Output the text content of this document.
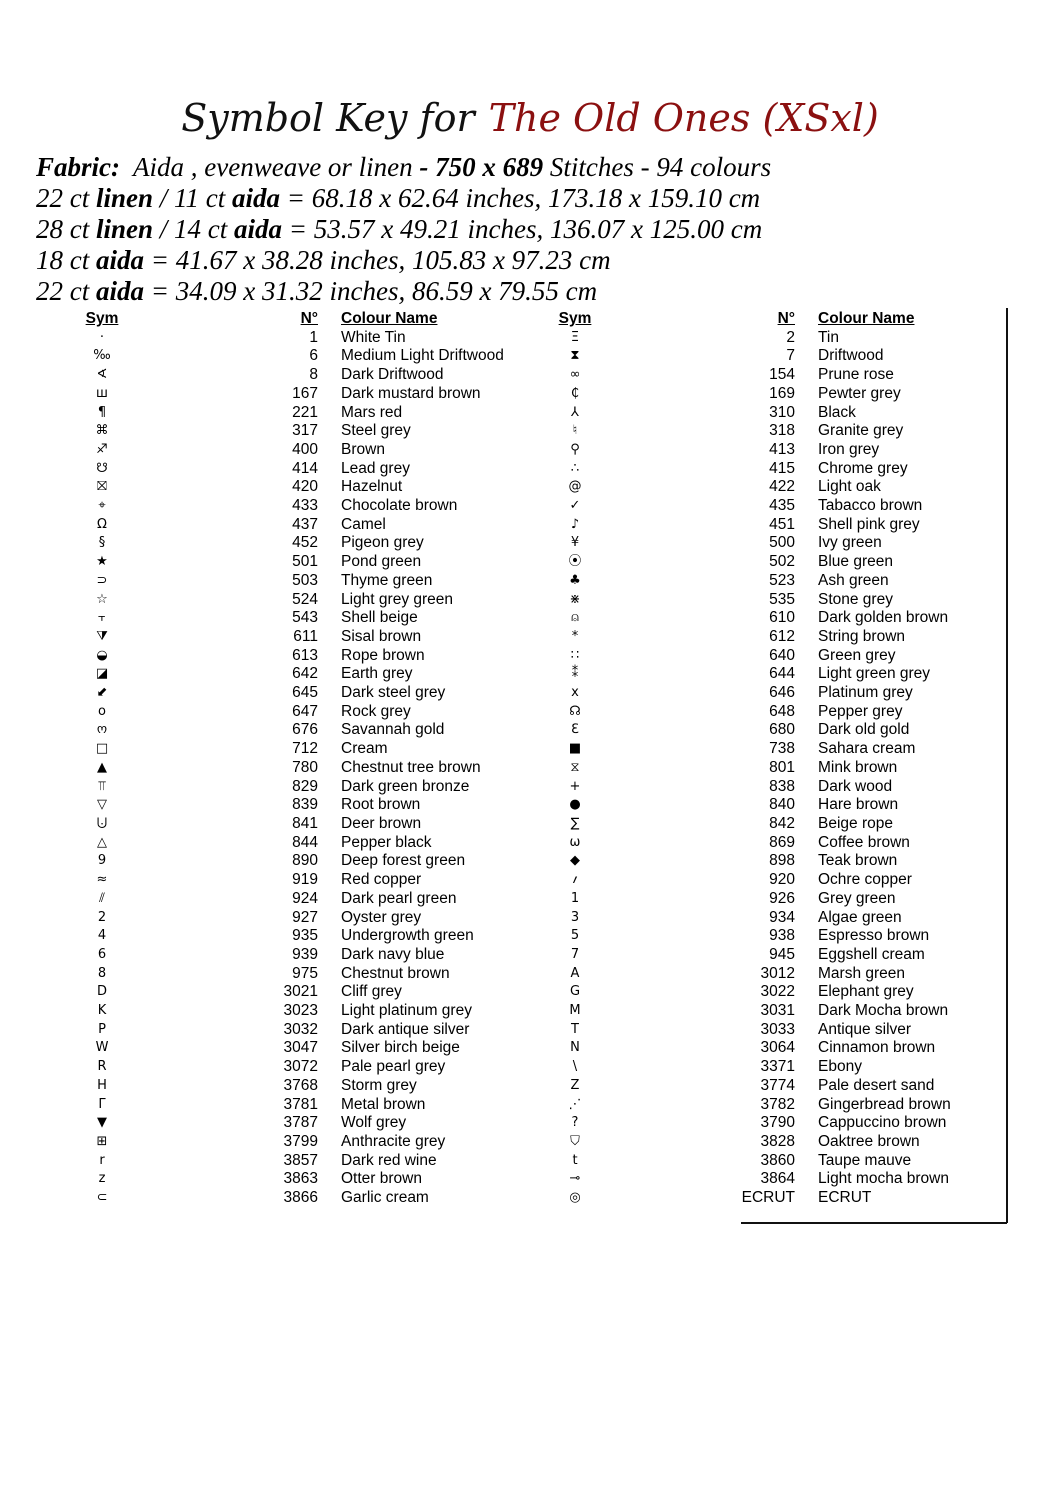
Symbol Key for The Old Ones (XSxl)
Fabric: Aida , evenweave or linen - 750 x 689 Stitches - 94 colours
22 ct linen / 11 ct aida = 68.18 x 62.64 inches, 173.18 x 159.10 cm
28 ct linen / 14 ct aida = 53.57 x 49.21 inches, 136.07 x 125.00 cm
18 ct aida = 41.67 x 38.28 inches, 105.83 x 97.23 cm
22 ct aida = 34.09 x 31.32 inches, 86.59 x 79.55 cm
Sym	N°	Colour Name
·	1	White Tin
‰	6	Medium Light Driftwood
∢	8	Dark Driftwood
ш	167	Dark mustard brown
¶	221	Mars red
⌘	317	Steel grey
♐	400	Brown
☋	414	Lead grey
⛝	420	Hazelnut
⌖	433	Chocolate brown
Ω	437	Camel
§	452	Pigeon grey
★	501	Pond green
⊃	503	Thyme green
☆	524	Light grey green
⫟	543	Shell beige
⧩	611	Sisal brown
◒	613	Rope brown
◪	642	Earth grey
⬋	645	Dark steel grey
o	647	Rock grey
ო	676	Savannah gold
□	712	Cream
▲	780	Chestnut tree brown
⫪	829	Dark green bronze
▽	839	Root brown
⨃	841	Deer brown
△	844	Pepper black
9	890	Deep forest green
≈	919	Red copper
⫽	924	Dark pearl green
2	927	Oyster grey
4	935	Undergrowth green
6	939	Dark navy blue
8	975	Chestnut brown
D	3021	Cliff grey
K	3023	Light platinum grey
P	3032	Dark antique silver
W	3047	Silver birch beige
R	3072	Pale pearl grey
H	3768	Storm grey
Γ	3781	Metal brown
▼	3787	Wolf grey
⊞	3799	Anthracite grey
r	3857	Dark red wine
z	3863	Otter brown
⊂	3866	Garlic cream
Sym	N°	Colour Name
Ξ	2	Tin
⧗	7	Driftwood
∞	154	Prune rose
₵	169	Pewter grey
⅄	310	Black
♮	318	Granite grey
⚲	413	Iron grey
∴	415	Chrome grey
@	422	Light oak
✓	435	Tabacco brown
♪	451	Shell pink grey
¥	500	Ivy green
⦿	502	Blue green
♣	523	Ash green
⋇	535	Stone grey
⍝	610	Dark golden brown
*	612	String brown
∷	640	Green grey
⁑	644	Light green grey
x	646	Platinum grey
☊	648	Pepper grey
ℇ	680	Dark old gold
■	738	Sahara cream
⧖	801	Mink brown
+	838	Dark wood
●	840	Hare brown
∑	842	Beige rope
ω	869	Coffee brown
◆	898	Teak brown
؍	920	Ochre copper
1	926	Grey green
3	934	Algae green
5	938	Espresso brown
7	945	Eggshell cream
A	3012	Marsh green
G	3022	Elephant grey
M	3031	Dark Mocha brown
T	3033	Antique silver
N	3064	Cinnamon brown
\	3371	Ebony
Z	3774	Pale desert sand
⋰	3782	Gingerbread brown
?	3790	Cappuccino brown
⛉	3828	Oaktree brown
t	3860	Taupe mauve
⊸	3864	Light mocha brown
◎	ECRUT	ECRUT
